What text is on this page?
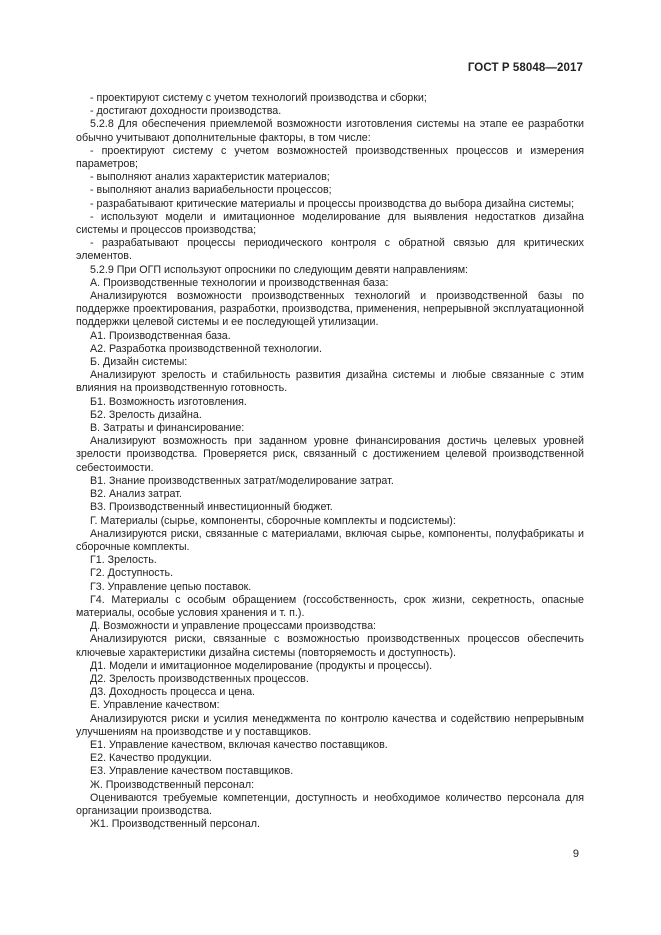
ГОСТ Р 58048—2017

- проектируют систему с учетом технологий производства и сборки;

- достигают доходности производства.

5.2.8 Для обеспечения приемлемой возможности изготовления системы на этапе ее разработки обычно учитывают дополнительные факторы, в том числе:

- проектируют систему с учетом возможностей производственных процессов и измерения параметров;

- выполняют анализ характеристик материалов;

- выполняют анализ вариабельности процессов;

- разрабатывают критические материалы и процессы производства до выбора дизайна системы;

- используют модели и имитационное моделирование для выявления недостатков дизайна системы и процессов производства;

- разрабатывают процессы периодического контроля с обратной связью для критических элементов.

5.2.9 При ОГП используют опросники по следующим девяти направлениям:

А. Производственные технологии и производственная база:

Анализируются возможности производственных технологий и производственной базы по поддержке проектирования, разработки, производства, применения, непрерывной эксплуатационной поддержки целевой системы и ее последующей утилизации.

А1. Производственная база.

А2. Разработка производственной технологии.

Б. Дизайн системы:

Анализируют зрелость и стабильность развития дизайна системы и любые связанные с этим влияния на производственную готовность.

Б1. Возможность изготовления.

Б2. Зрелость дизайна.

В. Затраты и финансирование:

Анализируют возможность при заданном уровне финансирования достичь целевых уровней зрелости производства. Проверяется риск, связанный с достижением целевой производственной себестоимости.

В1. Знание производственных затрат/моделирование затрат.

В2. Анализ затрат.

В3. Производственный инвестиционный бюджет.

Г. Материалы (сырье, компоненты, сборочные комплекты и подсистемы):

Анализируются риски, связанные с материалами, включая сырье, компоненты, полуфабрикаты и сборочные комплекты.

Г1. Зрелость.

Г2. Доступность.

Г3. Управление цепью поставок.

Г4. Материалы с особым обращением (госсобственность, срок жизни, секретность, опасные материалы, особые условия хранения и т. п.).

Д. Возможности и управление процессами производства:

Анализируются риски, связанные с возможностью производственных процессов обеспечить ключевые характеристики дизайна системы (повторяемость и доступность).

Д1. Модели и имитационное моделирование (продукты и процессы).

Д2. Зрелость производственных процессов.

Д3. Доходность процесса и цена.

Е. Управление качеством:

Анализируются риски и усилия менеджмента по контролю качества и содействию непрерывным улучшениям на производстве и у поставщиков.

Е1. Управление качеством, включая качество поставщиков.

Е2. Качество продукции.

Е3. Управление качеством поставщиков.

Ж. Производственный персонал:

Оцениваются требуемые компетенции, доступность и необходимое количество персонала для организации производства.

Ж1. Производственный персонал.

9
